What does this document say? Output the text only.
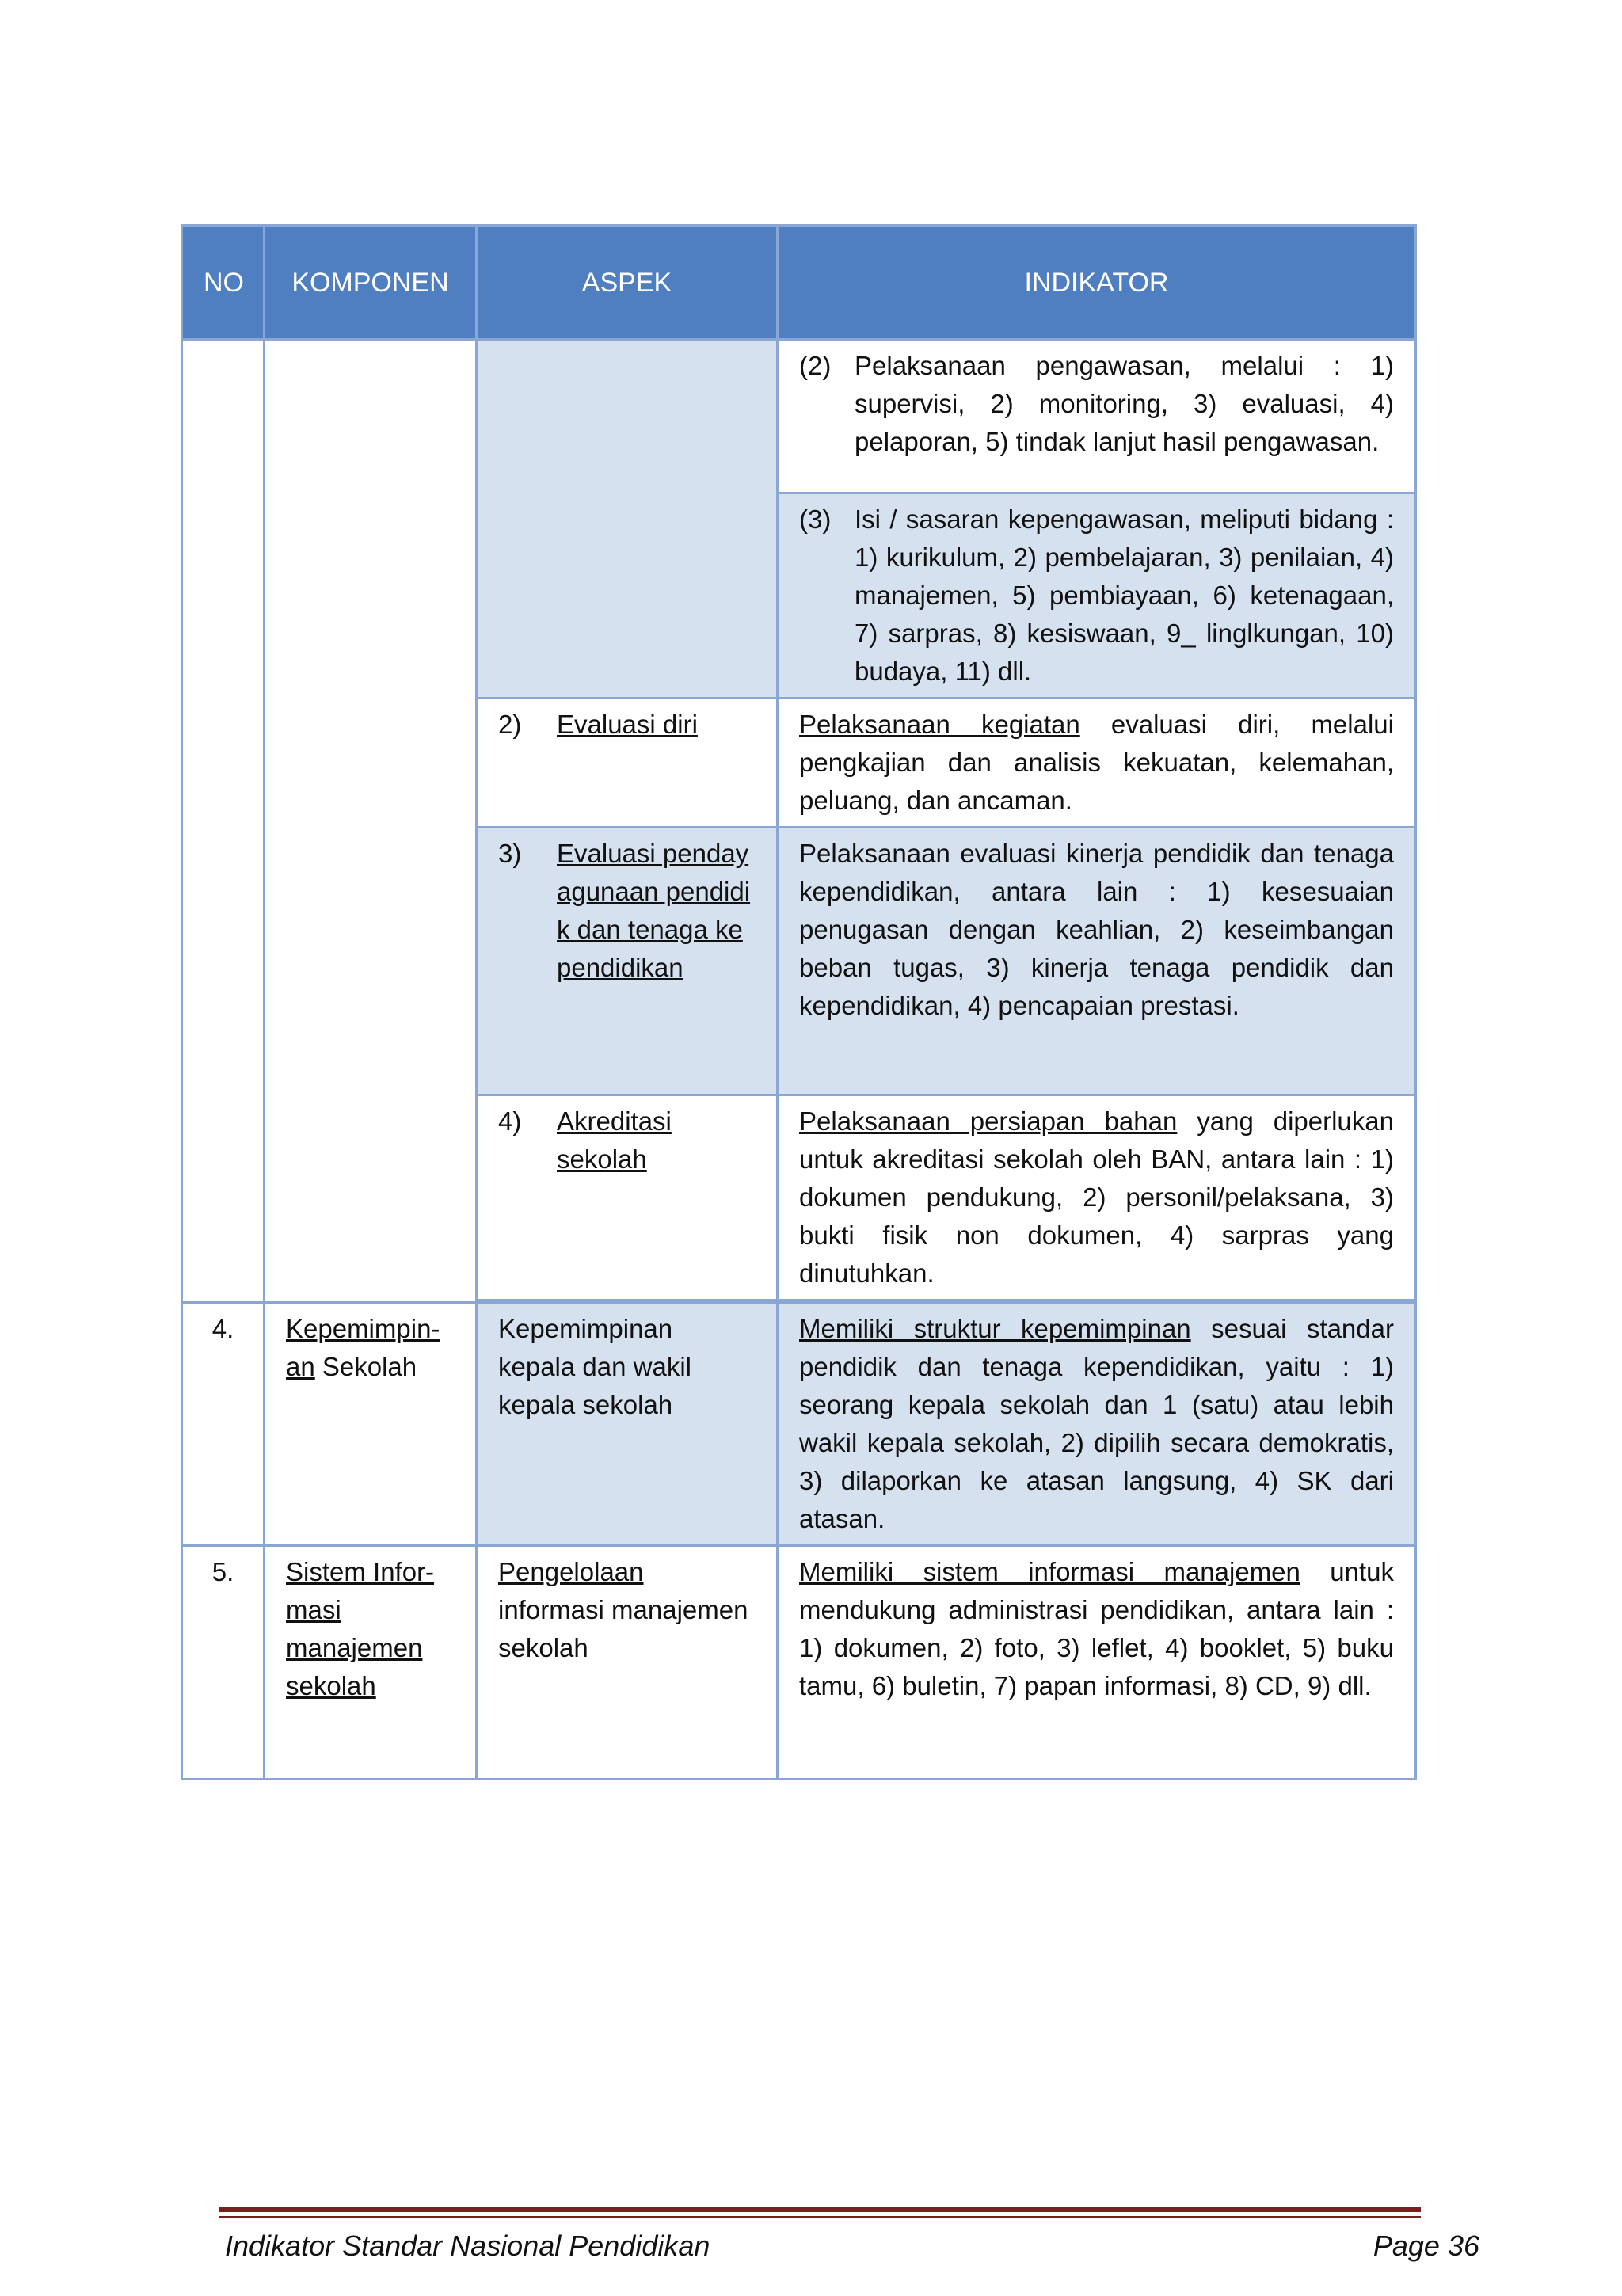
NO	KOMPONEN	ASPEK	INDIKATOR

			(2) Pelaksanaan pengawasan, melalui : 1) supervisi, 2) monitoring, 3) evaluasi, 4) pelaporan, 5) tindak lanjut hasil pengawasan.

			(3) Isi / sasaran kepengawasan, meliputi bidang : 1) kurikulum, 2) pembelajaran, 3) penilaian, 4) manajemen, 5) pembiayaan, 6) ketenagaan, 7) sarpras, 8) kesiswaan, 9_ linglkungan, 10) budaya, 11) dll.

		2) Evaluasi diri	Pelaksanaan kegiatan evaluasi diri, melalui pengkajian dan analisis kekuatan, kelemahan, peluang, dan ancaman.

		3) Evaluasi pendayagunaan pendidik dan tenaga kependidikan	Pelaksanaan evaluasi kinerja pendidik dan tenaga kependidikan, antara lain : 1) kesesuaian penugasan dengan keahlian, 2) keseimbangan beban tugas, 3) kinerja tenaga pendidik dan kependidikan, 4) pencapaian prestasi.

		4) Akreditasi sekolah	Pelaksanaan persiapan bahan yang diperlukan untuk akreditasi sekolah oleh BAN, antara lain : 1) dokumen pendukung, 2) personil/pelaksana, 3) bukti fisik non dokumen, 4) sarpras yang dinutuhkan.

4.	Kepemimpin-an Sekolah	Kepemimpinan kepala dan wakil kepala sekolah	Memiliki struktur kepemimpinan sesuai standar pendidik dan tenaga kependidikan, yaitu : 1) seorang kepala sekolah dan 1 (satu) atau lebih wakil kepala sekolah, 2) dipilih secara demokratis, 3) dilaporkan ke atasan langsung, 4) SK dari atasan.
5.	Sistem Infor-masi manajemen sekolah	Pengelolaan informasi manajemen sekolah	Memiliki sistem informasi manajemen untuk mendukung administrasi pendidikan, antara lain : 1) dokumen, 2) foto, 3) leflet, 4) booklet, 5) buku tamu, 6) buletin, 7) papan informasi, 8) CD, 9) dll.
Indikator Standar Nasional Pendidikan	Page 36
